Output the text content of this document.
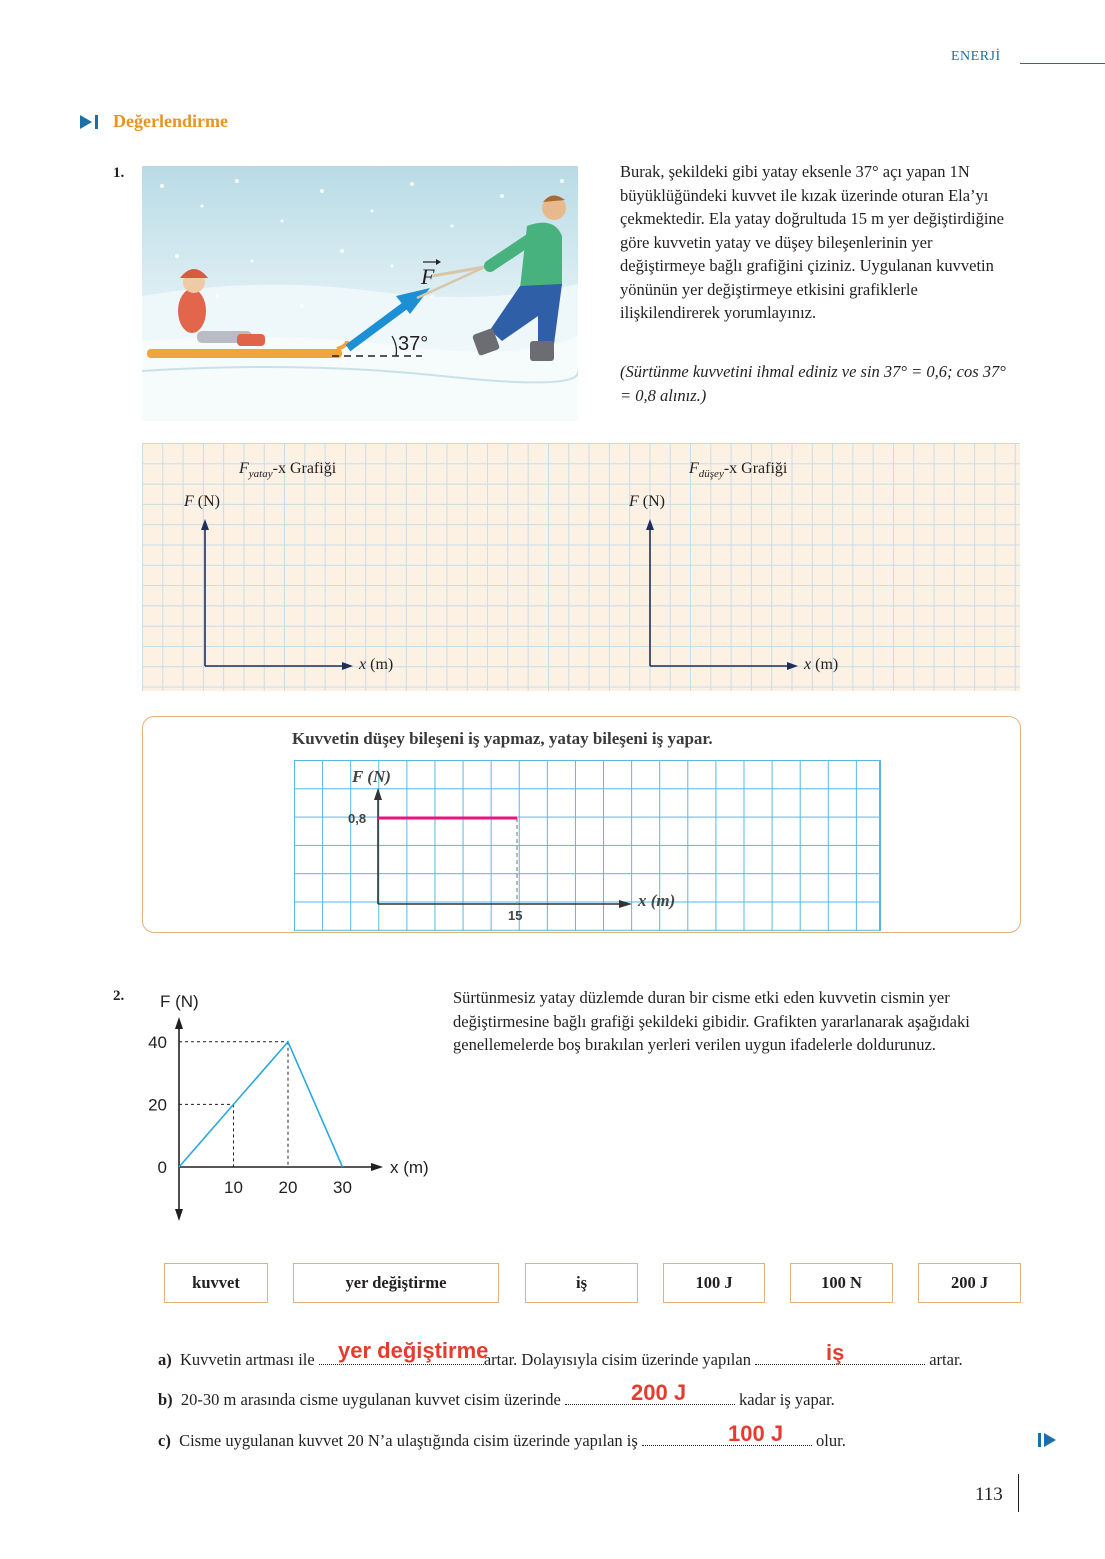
ENERJİ
Değerlendirme
1.
37°
F
Burak, şekildeki gibi yatay eksenle 37° açı yapan 1N büyüklüğündeki kuvvet ile kızak üzerinde oturan Ela’yı çekmektedir. Ela yatay doğrultuda 15 m yer değiştirdiğine göre kuvvetin yatay ve düşey bileşenlerinin yer değiştirmeye bağlı grafiğini çiziniz. Uygulanan kuvvetin yönünün yer değiştirmeye etkisini grafiklerle ilişkilendirerek yorumlayınız.
(Sürtünme kuvvetini ihmal ediniz ve sin 37° = 0,6; cos 37° = 0,8 alınız.)
$F_{yatay}-x$ Grafiği
F (N)
x (m)
$F_{düşey}-x$ Grafiği
F (N)
x (m)
Kuvvetin düşey bileşeni iş yapmaz, yatay bileşeni iş yapar.
0,8
15
F (N)
x (m)
2.
10 20 30
0
20
40
F (N)
x (m)
Sürtünmesiz yatay düzlemde duran bir cisme etki eden kuvvetin cismin yer değiştirmesine bağlı grafiği şekildeki gibidir. Grafikten yararlanarak aşağıdaki genellemelerde boş bırakılan yerleri verilen uygun ifadelerle doldurunuz.
kuvvet	yer değiştirme	iş	100 J	100 N	200 J
a) Kuvvetin artması ile	artar. Dolayısıyla cisim üzerinde yapılan	artar.
yer değiştirme	iş
b) 20-30 m arasında cisme uygulanan kuvvet cisim üzerinde	kadar iş yapar.
200 J
c) Cisme uygulanan kuvvet 20 N’a ulaştığında cisim üzerinde yapılan iş	olur.
100 J
113
